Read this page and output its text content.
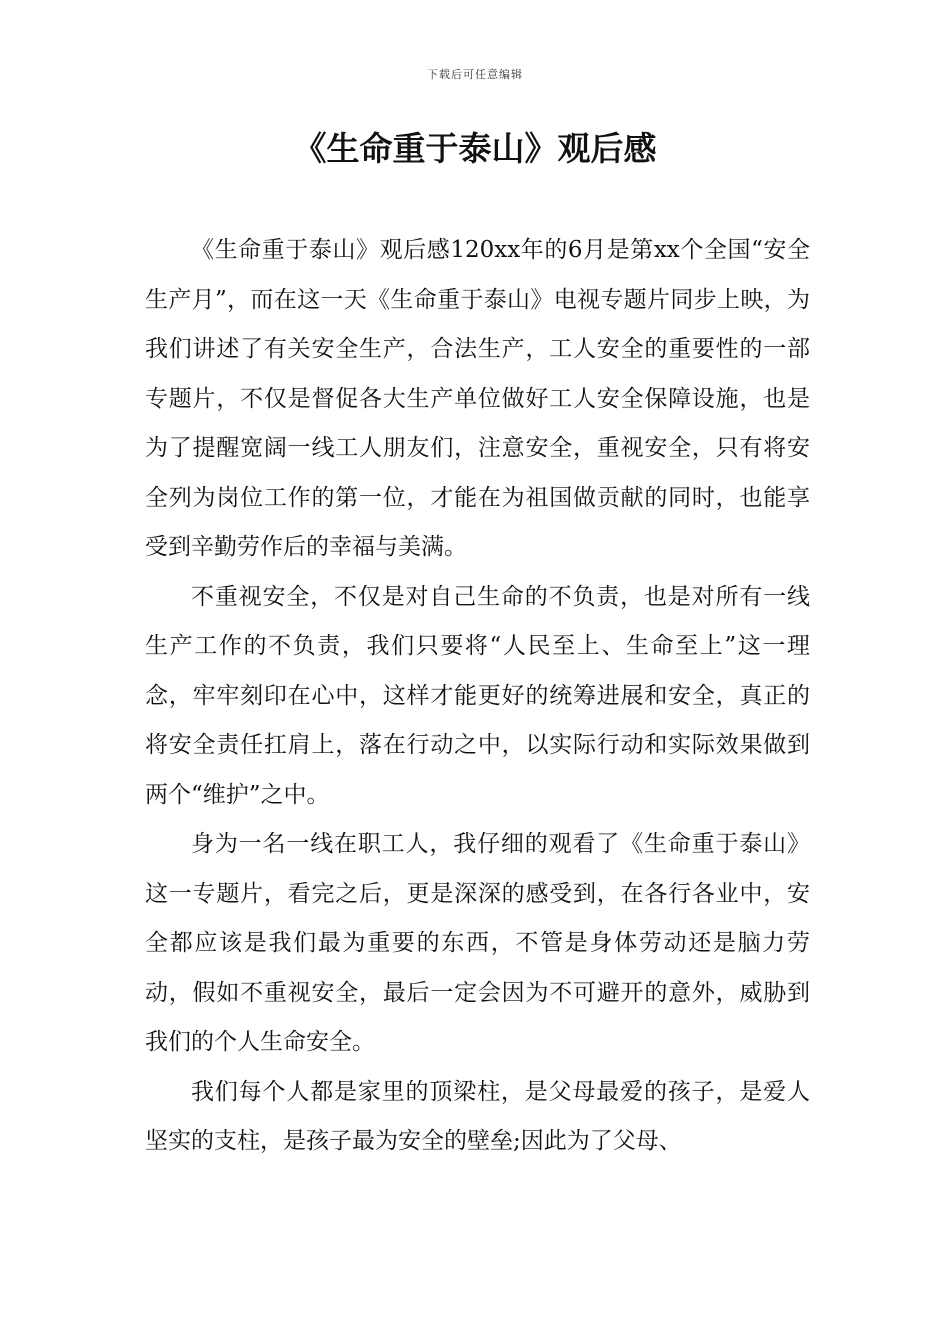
下载后可任意编辑
《生命重于泰山》观后感

《生命重于泰山》观后感120xx年的6月是第xx个全国“安全生产月”，而在这一天《生命重于泰山》电视专题片同步上映，为我们讲述了有关安全生产，合法生产，工人安全的重要性的一部专题片，不仅是督促各大生产单位做好工人安全保障设施，也是为了提醒宽阔一线工人朋友们，注意安全，重视安全，只有将安全列为岗位工作的第一位，才能在为祖国做贡献的同时，也能享受到辛勤劳作后的幸福与美满。

不重视安全，不仅是对自己生命的不负责，也是对所有一线生产工作的不负责，我们只要将“人民至上、生命至上”这一理念，牢牢刻印在心中，这样才能更好的统筹进展和安全，真正的将安全责任扛肩上，落在行动之中，以实际行动和实际效果做到两个“维护”之中。

身为一名一线在职工人，我仔细的观看了《生命重于泰山》这一专题片，看完之后，更是深深的感受到，在各行各业中，安全都应该是我们最为重要的东西，不管是身体劳动还是脑力劳动，假如不重视安全，最后一定会因为不可避开的意外，威胁到我们的个人生命安全。

我们每个人都是家里的顶梁柱，是父母最爱的孩子，是爱人坚实的支柱，是孩子最为安全的壁垒;因此为了父母、
